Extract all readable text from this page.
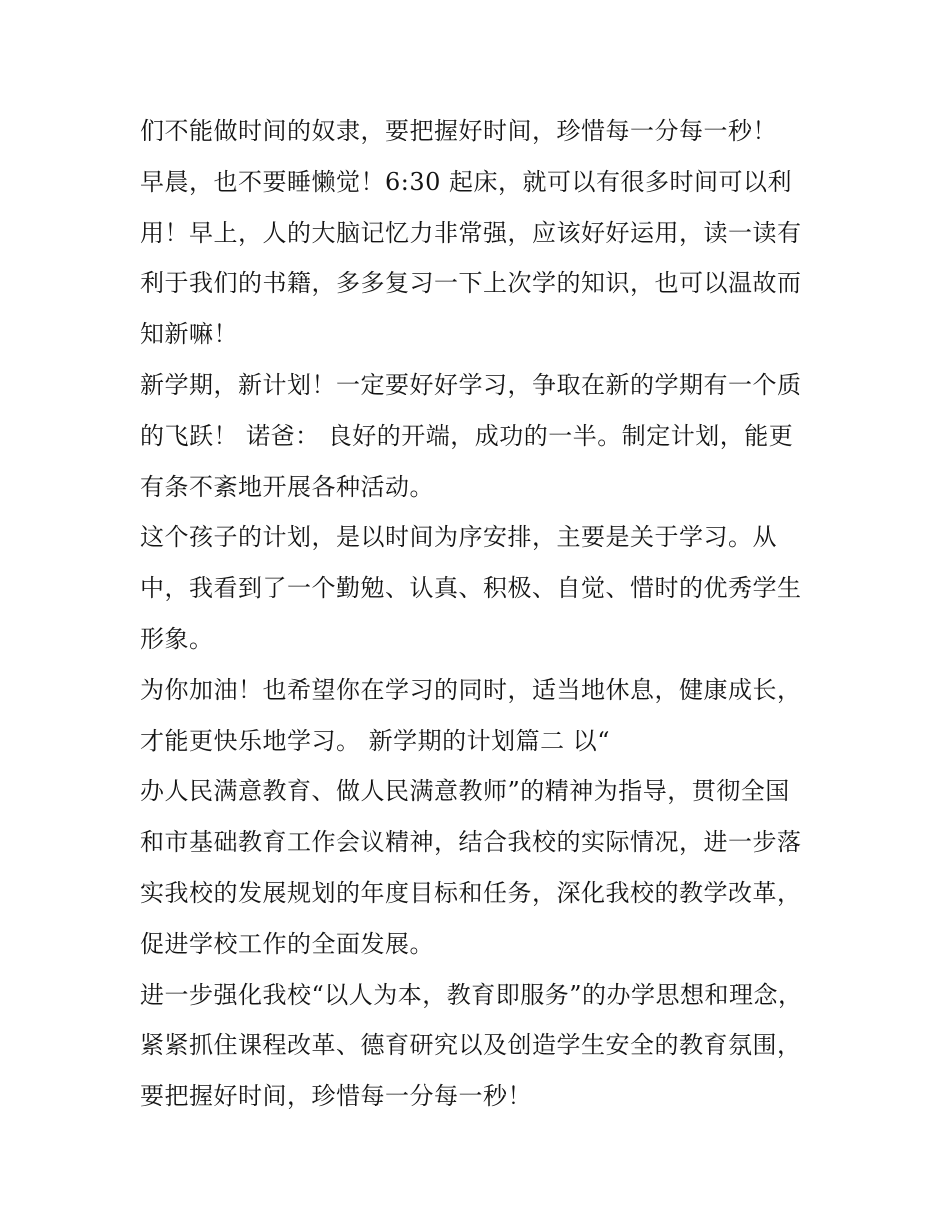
们不能做时间的奴隶，要把握好时间，珍惜每一分每一秒！
早晨，也不要睡懒觉！6:30 起床，就可以有很多时间可以利
用！早上，人的大脑记忆力非常强，应该好好运用，读一读有
利于我们的书籍，多多复习一下上次学的知识，也可以温故而
知新嘛！
新学期，新计划！一定要好好学习，争取在新的学期有一个质
的飞跃！ 诺爸： 良好的开端，成功的一半。制定计划，能更
有条不紊地开展各种活动。
这个孩子的计划，是以时间为序安排，主要是关于学习。从
中，我看到了一个勤勉、认真、积极、自觉、惜时的优秀学生
形象。
为你加油！也希望你在学习的同时，适当地休息，健康成长，
才能更快乐地学习。 新学期的计划篇二 以“
办人民满意教育、做人民满意教师”的精神为指导，贯彻全国
和市基础教育工作会议精神，结合我校的实际情况，进一步落
实我校的发展规划的年度目标和任务，深化我校的教学改革，
促进学校工作的全面发展。
进一步强化我校“以人为本，教育即服务”的办学思想和理念，
紧紧抓住课程改革、德育研究以及创造学生安全的教育氛围，
要把握好时间，珍惜每一分每一秒！
